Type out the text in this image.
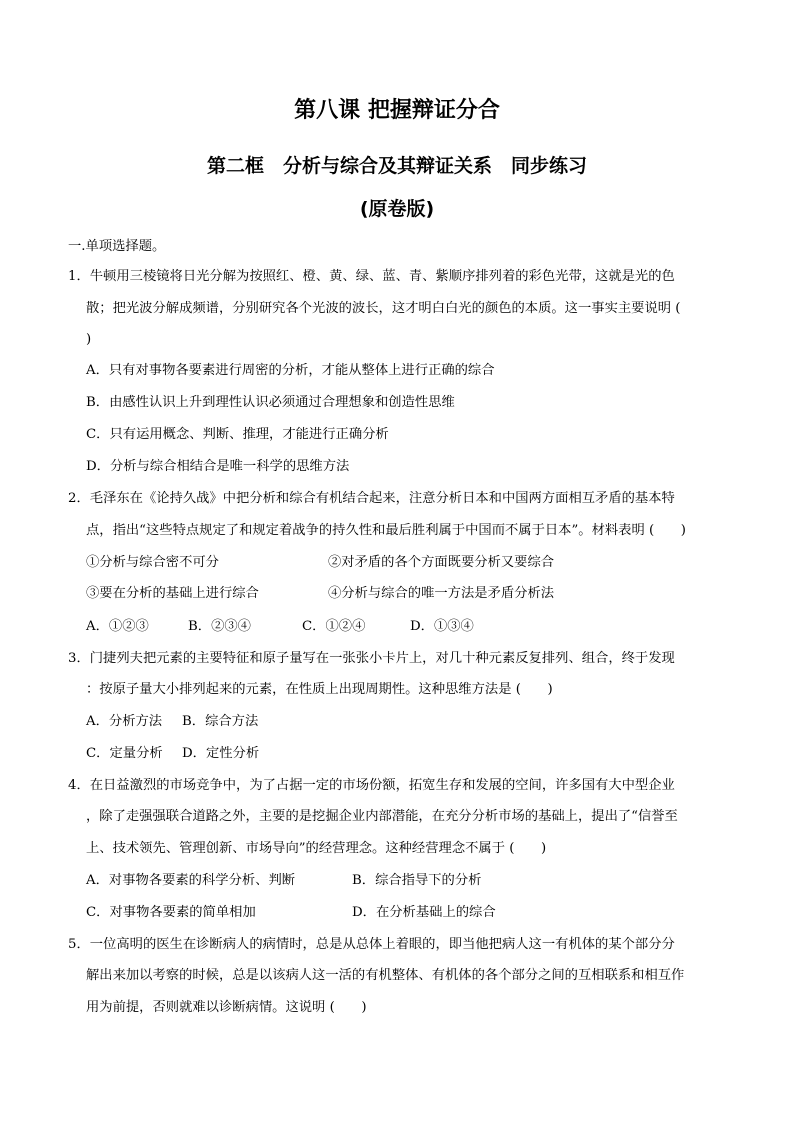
第八课 把握辩证分合
第二框　分析与综合及其辩证关系　同步练习
(原卷版)
一.单项选择题。
1．牛顿用三棱镜将日光分解为按照红、橙、黄、绿、蓝、青、紫顺序排列着的彩色光带，这就是光的色
散；把光波分解成频谱，分别研究各个光波的波长，这才明白白光的颜色的本质。这一事实主要说明 (
)
A．只有对事物各要素进行周密的分析，才能从整体上进行正确的综合
B．由感性认识上升到理性认识必须通过合理想象和创造性思维
C．只有运用概念、判断、推理，才能进行正确分析
D．分析与综合相结合是唯一科学的思维方法
2．毛泽东在《论持久战》中把分析和综合有机结合起来，注意分析日本和中国两方面相互矛盾的基本特
点，指出“这些特点规定了和规定着战争的持久性和最后胜利属于中国而不属于日本”。材料表明 (　　)
①分析与综合密不可分	②对矛盾的各个方面既要分析又要综合
③要在分析的基础上进行综合	④分析与综合的唯一方法是矛盾分析法
A．①②③	B．②③④	C．①②④	D．①③④
3．门捷列夫把元素的主要特征和原子量写在一张张小卡片上，对几十种元素反复排列、组合，终于发现
：按原子量大小排列起来的元素，在性质上出现周期性。这种思维方法是 (　　)
A．分析方法 B．综合方法
C．定量分析 D．定性分析
4．在日益激烈的市场竞争中，为了占据一定的市场份额，拓宽生存和发展的空间，许多国有大中型企业
，除了走强强联合道路之外，主要的是挖掘企业内部潜能，在充分分析市场的基础上，提出了“信誉至
上、技术领先、管理创新、市场导向”的经营理念。这种经营理念不属于 (　　)
A．对事物各要素的科学分析、判断	B．综合指导下的分析
C．对事物各要素的简单相加	D．在分析基础上的综合
5．一位高明的医生在诊断病人的病情时，总是从总体上着眼的，即当他把病人这一有机体的某个部分分
解出来加以考察的时候，总是以该病人这一活的有机整体、有机体的各个部分之间的互相联系和相互作
用为前提，否则就难以诊断病情。这说明 (　　)
